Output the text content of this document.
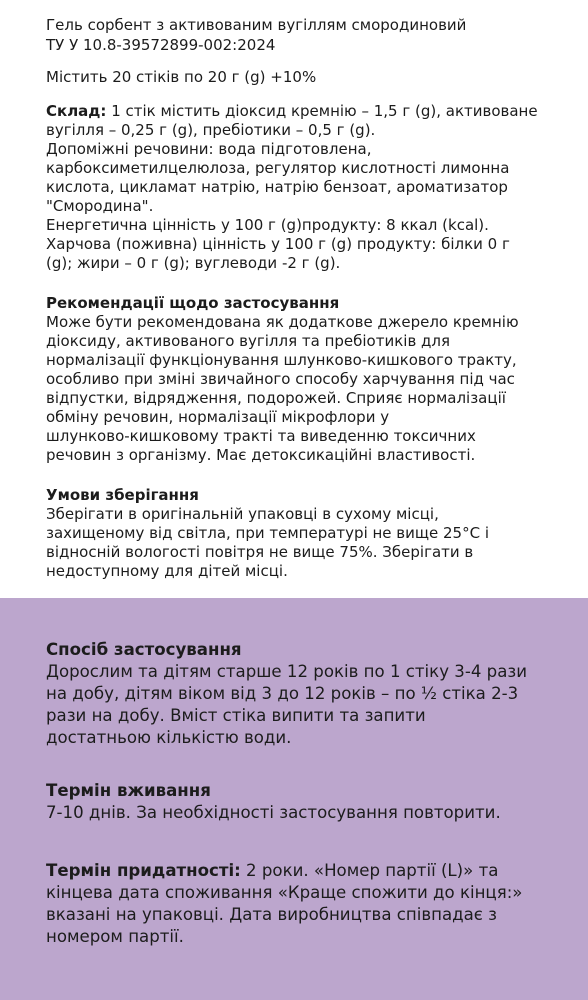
Гель сорбент з активованим вугіллям смородиновий
ТУ У 10.8-39572899-002:2024
Містить 20 стіків по 20 г (g) +10%
Склад: 1 стік містить діоксид кремнію – 1,5 г (g), активоване
вугілля – 0,25 г (g), пребіотики – 0,5 г (g).
Допоміжні речовини: вода підготовлена,
карбоксиметилцелюлоза, регулятор кислотності лимонна
кислота, цикламат натрію, натрію бензоат, ароматизатор
"Смородина".
Енергетична цінність у 100 г (g)продукту: 8 ккал (kcal).
Харчова (поживна) цінність у 100 г (g) продукту: білки 0 г
(g); жири – 0 г (g); вуглеводи -2 г (g).
Рекомендації щодо застосування
Може бути рекомендована як додаткове джерело кремнію
діоксиду, активованого вугілля та пребіотиків для
нормалізації функціонування шлунково-кишкового тракту,
особливо при зміні звичайного способу харчування під час
відпустки, відрядження, подорожей. Сприяє нормалізації
обміну речовин, нормалізації мікрофлори у
шлунково-кишковому тракті та виведенню токсичних
речовин з організму. Має детоксикаційні властивості.
Умови зберігання
Зберігати в оригінальній упаковці в сухому місці,
захищеному від світла, при температурі не вище 25°С і
відносній вологості повітря не вище 75%. Зберігати в
недоступному для дітей місці.
Спосіб застосування
Дорослим та дітям старше 12 років по 1 стіку 3-4 рази
на добу, дітям віком від 3 до 12 років – по ½ стіка 2-3
рази на добу. Вміст стіка випити та запити
достатньою кількістю води.
Термін вживання
7-10 днів. За необхідності застосування повторити.
Термін придатності: 2 роки. «Номер партії (L)» та
кінцева дата споживання «Краще спожити до кінця:»
вказані на упаковці. Дата виробництва співпадає з
номером партії.
